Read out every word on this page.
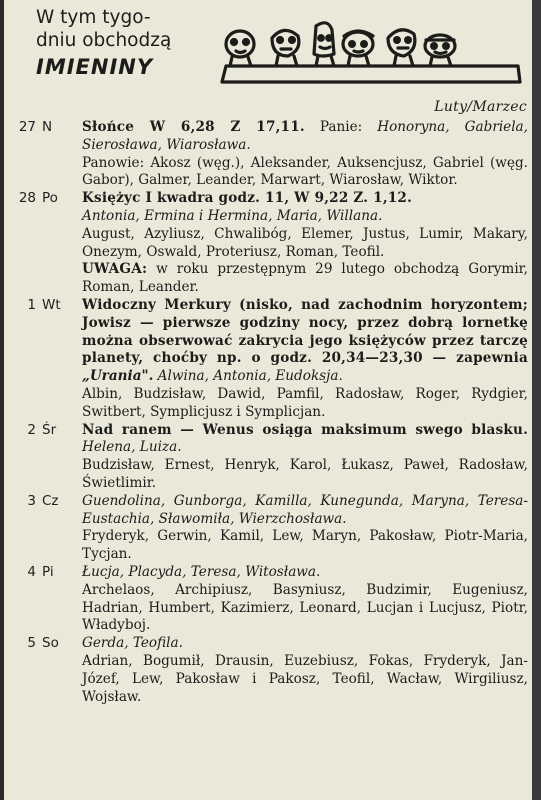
W tym tygo-
dniu obchodzą
IMIENINY
Luty/Marzec
27 N	Słońce W 6,28 Z 17,11. Panie: Honoryna, Gabriela, Sierosława, Wiarosława.

Panowie: Akosz (węg.), Aleksander, Auksencjusz, Gabriel (węg. Gabor), Galmer, Leander, Marwart, Wiarosław, Wiktor.

28 Po	Księżyc I kwadra godz. 11, W 9,22 Z. 1,12.

Antonia, Ermina i Hermina, Maria, Willana.

August, Azyliusz, Chwalibóg, Elemer, Justus, Lumir, Makary, Onezym, Oswald, Proteriusz, Roman, Teofil.

UWAGA: w roku przestępnym 29 lutego obchodzą Gorymir, Roman, Leander.

1 Wt	Widoczny Merkury (nisko, nad zachodnim horyzontem; Jowisz — pierwsze godziny nocy, przez dobrą lornetkę można obserwować zakrycia jego księżyców przez tarczę planety, choćby np. o godz. 20,34—23,30 — zapewnia „Urania". Alwina, Antonia, Eudoksja.

Albin, Budzisław, Dawid, Pamfil, Radosław, Roger, Rydgier, Switbert, Symplicjusz i Symplicjan.

2 Śr	Nad ranem — Wenus osiąga maksimum swego blasku. Helena, Luiza.

Budzisław, Ernest, Henryk, Karol, Łukasz, Paweł, Radosław, Świetlimir.

3 Cz	Guendolina, Gunborga, Kamilla, Kunegunda, Maryna, Teresa-Eustachia, Sławomiła, Wierzchosława.

Fryderyk, Gerwin, Kamil, Lew, Maryn, Pakosław, Piotr-Maria, Tycjan.

4 Pi	Łucja, Placyda, Teresa, Witosława.

Archelaos, Archipiusz, Basyniusz, Budzimir, Eugeniusz, Hadrian, Humbert, Kazimierz, Leonard, Lucjan i Lucjusz, Piotr, Władyboj.

5 So	Gerda, Teofila.

Adrian, Bogumił, Drausin, Euzebiusz, Fokas, Fryderyk, Jan-Józef, Lew, Pakosław i Pakosz, Teofil, Wacław, Wirgiliusz, Wojsław.
